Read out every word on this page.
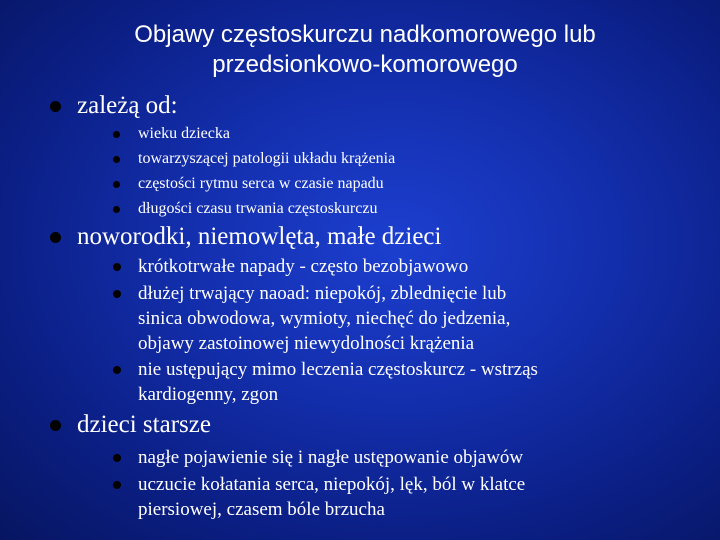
Objawy częstoskurczu nadkomorowego lub
przedsionkowo-komorowego
zależą od:
wieku dziecka
towarzyszącej patologii układu krążenia
częstości rytmu serca w czasie napadu
długości czasu trwania częstoskurczu
noworodki, niemowlęta, małe dzieci
krótkotrwałe napady - często bezobjawowo
dłużej trwający naoad: niepokój, zblednięcie lub
sinica obwodowa, wymioty, niechęć do jedzenia,
objawy zastoinowej niewydolności krążenia
nie ustępujący mimo leczenia częstoskurcz - wstrząs
kardiogenny, zgon
dzieci starsze
nagłe pojawienie się i nagłe ustępowanie objawów
uczucie kołatania serca, niepokój, lęk, ból w klatce
piersiowej, czasem bóle brzucha
